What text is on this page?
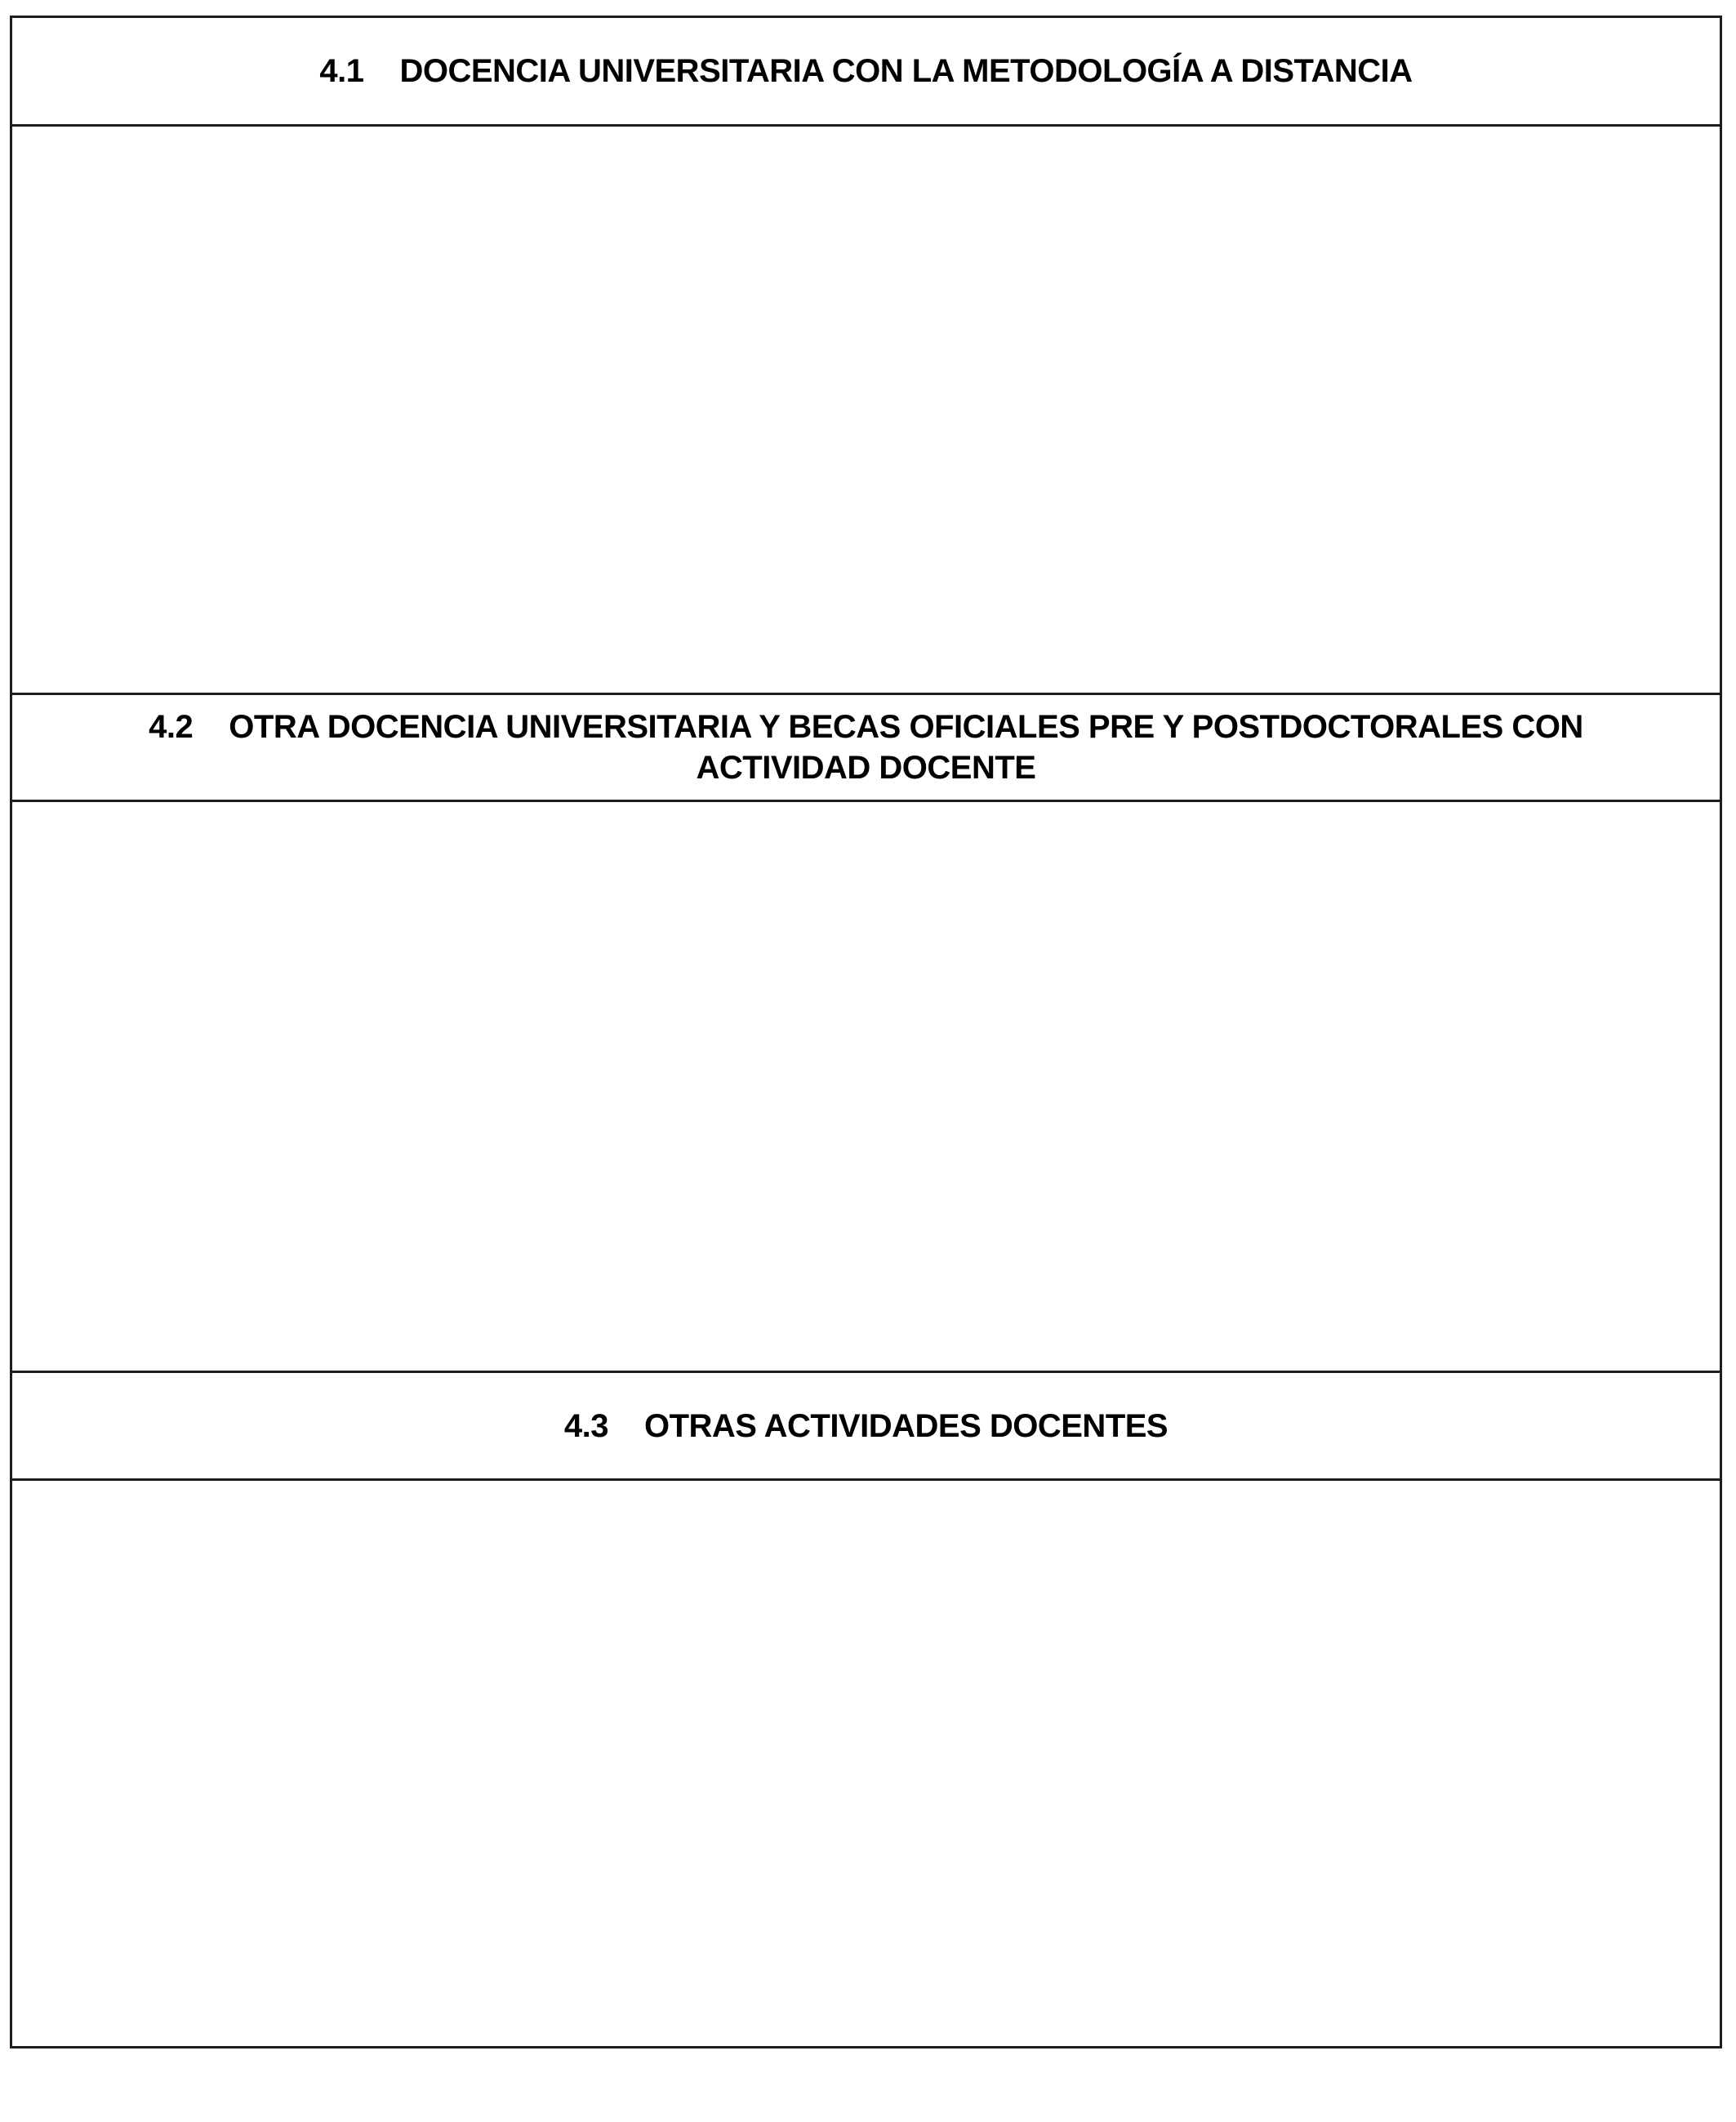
4.1 DOCENCIA UNIVERSITARIA CON LA METODOLOGÍA A DISTANCIA
4.2 OTRA DOCENCIA UNIVERSITARIA Y BECAS OFICIALES PRE Y POSTDOCTORALES CON
ACTIVIDAD DOCENTE
4.3 OTRAS ACTIVIDADES DOCENTES
